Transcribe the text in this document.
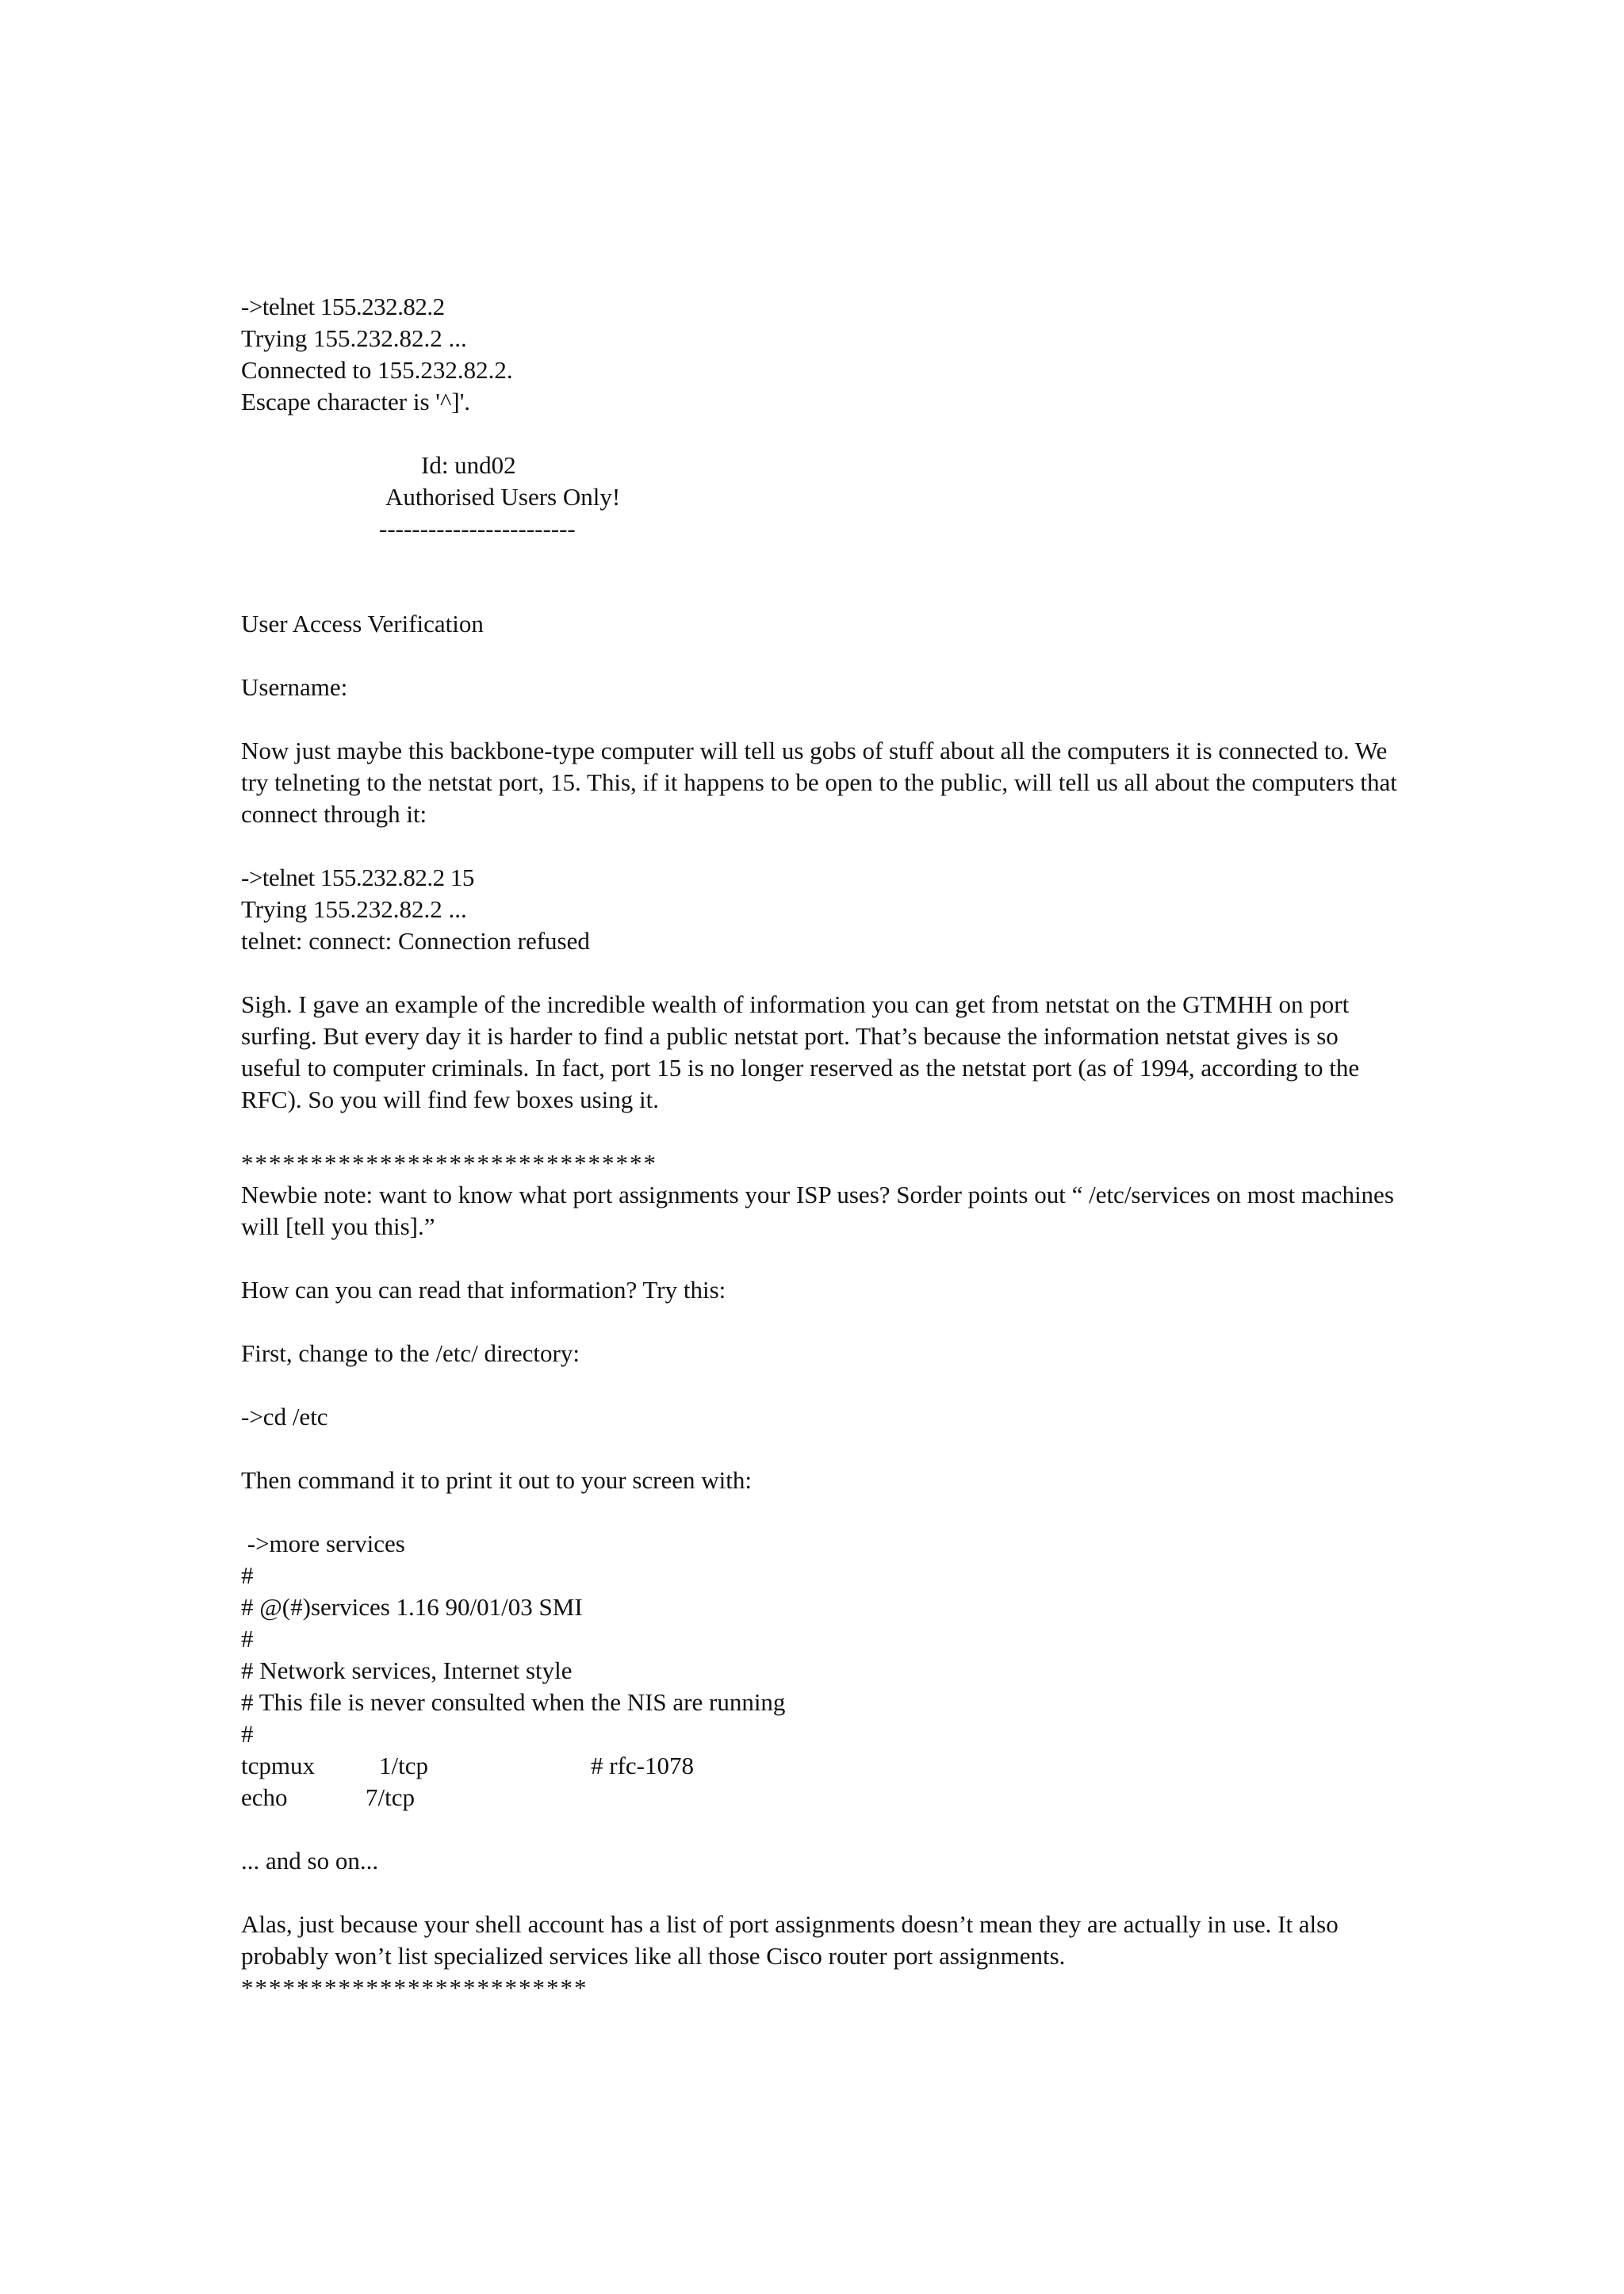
->telnet 155.232.82.2

Trying 155.232.82.2 ...

Connected to 155.232.82.2.

Escape character is '^]'.

Id: und02

Authorised Users Only!

------------------------

User Access Verification

Username:

Now just maybe this backbone-type computer will tell us gobs of stuff about all the computers it is connected to. We try telneting to the netstat port, 15. This, if it happens to be open to the public, will tell us all about the computers that connect through it:

->telnet 155.232.82.2 15

Trying 155.232.82.2 ...

telnet: connect: Connection refused

Sigh. I gave an example of the incredible wealth of information you can get from netstat on the GTMHH on port surfing. But every day it is harder to find a public netstat port. That’s because the information netstat gives is so useful to computer criminals. In fact, port 15 is no longer reserved as the netstat port (as of 1994, according to the RFC). So you will find few boxes using it.

******************************

Newbie note: want to know what port assignments your ISP uses? Sorder points out “ /etc/services on most machines will [tell you this].”

How can you can read that information? Try this:

First, change to the /etc/ directory:

->cd /etc

Then command it to print it out to your screen with:

->more services

#

# @(#)services 1.16 90/01/03 SMI

#

# Network services, Internet style

# This file is never consulted when the NIS are running

#

tcpmux	1/tcp	# rfc-1078

echo	7/tcp

... and so on...

Alas, just because your shell account has a list of port assignments doesn’t mean they are actually in use. It also probably won’t list specialized services like all those Cisco router port assignments.

*************************
